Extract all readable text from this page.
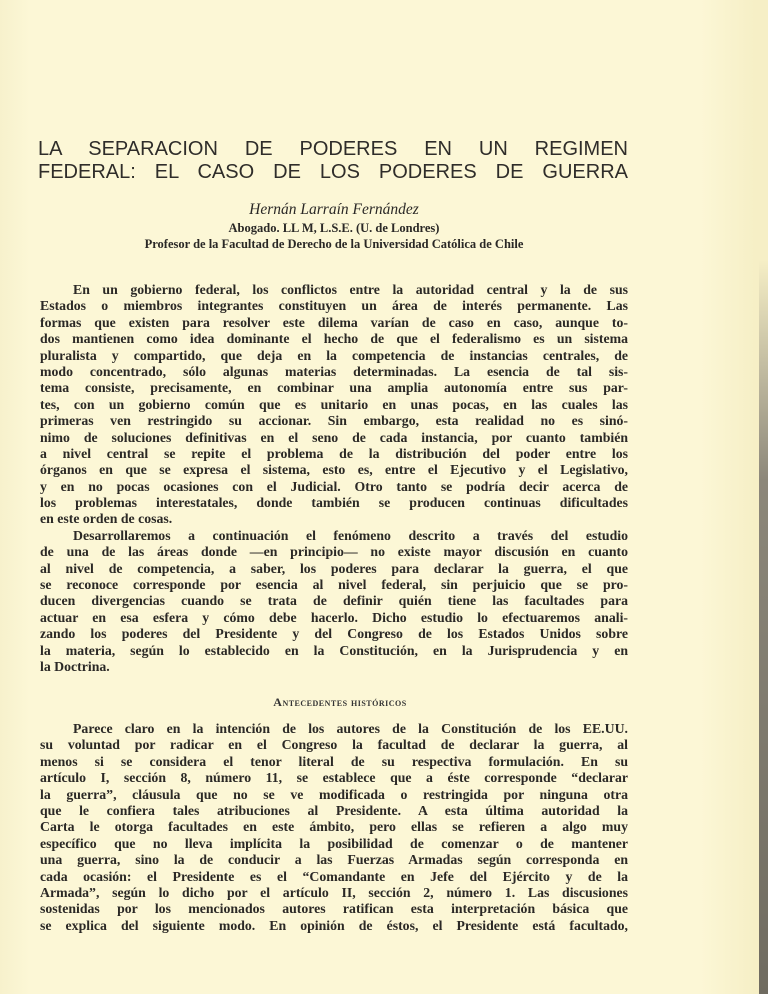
LA SEPARACION DE PODERES EN UN REGIMEN
FEDERAL: EL CASO DE LOS PODERES DE GUERRA
Hernán Larraín Fernández
Abogado. LL M, L.S.E. (U. de Londres)
Profesor de la Facultad de Derecho de la Universidad Católica de Chile
En un gobierno federal, los conflictos entre la autoridad central y la de sus
Estados o miembros integrantes constituyen un área de interés permanente. Las
formas que existen para resolver este dilema varían de caso en caso, aunque to-
dos mantienen como idea dominante el hecho de que el federalismo es un sistema
pluralista y compartido, que deja en la competencia de instancias centrales, de
modo concentrado, sólo algunas materias determinadas. La esencia de tal sis-
tema consiste, precisamente, en combinar una amplia autonomía entre sus par-
tes, con un gobierno común que es unitario en unas pocas, en las cuales las
primeras ven restringido su accionar. Sin embargo, esta realidad no es sinó-
nimo de soluciones definitivas en el seno de cada instancia, por cuanto también
a nivel central se repite el problema de la distribución del poder entre los
órganos en que se expresa el sistema, esto es, entre el Ejecutivo y el Legislativo,
y en no pocas ocasiones con el Judicial. Otro tanto se podría decir acerca de
los problemas interestatales, donde también se producen continuas dificultades
en este orden de cosas.
Desarrollaremos a continuación el fenómeno descrito a través del estudio
de una de las áreas donde —en principio— no existe mayor discusión en cuanto
al nivel de competencia, a saber, los poderes para declarar la guerra, el que
se reconoce corresponde por esencia al nivel federal, sin perjuicio que se pro-
ducen divergencias cuando se trata de definir quién tiene las facultades para
actuar en esa esfera y cómo debe hacerlo. Dicho estudio lo efectuaremos anali-
zando los poderes del Presidente y del Congreso de los Estados Unidos sobre
la materia, según lo establecido en la Constitución, en la Jurisprudencia y en
la Doctrina.
Antecedentes históricos
Parece claro en la intención de los autores de la Constitución de los EE.UU.
su voluntad por radicar en el Congreso la facultad de declarar la guerra, al
menos si se considera el tenor literal de su respectiva formulación. En su
artículo I, sección 8, número 11, se establece que a éste corresponde “declarar
la guerra”, cláusula que no se ve modificada o restringida por ninguna otra
que le confiera tales atribuciones al Presidente. A esta última autoridad la
Carta le otorga facultades en este ámbito, pero ellas se refieren a algo muy
específico que no lleva implícita la posibilidad de comenzar o de mantener
una guerra, sino la de conducir a las Fuerzas Armadas según corresponda en
cada ocasión: el Presidente es el “Comandante en Jefe del Ejército y de la
Armada”, según lo dicho por el artículo II, sección 2, número 1. Las discusiones
sostenidas por los mencionados autores ratifican esta interpretación básica que
se explica del siguiente modo. En opinión de éstos, el Presidente está facultado,
